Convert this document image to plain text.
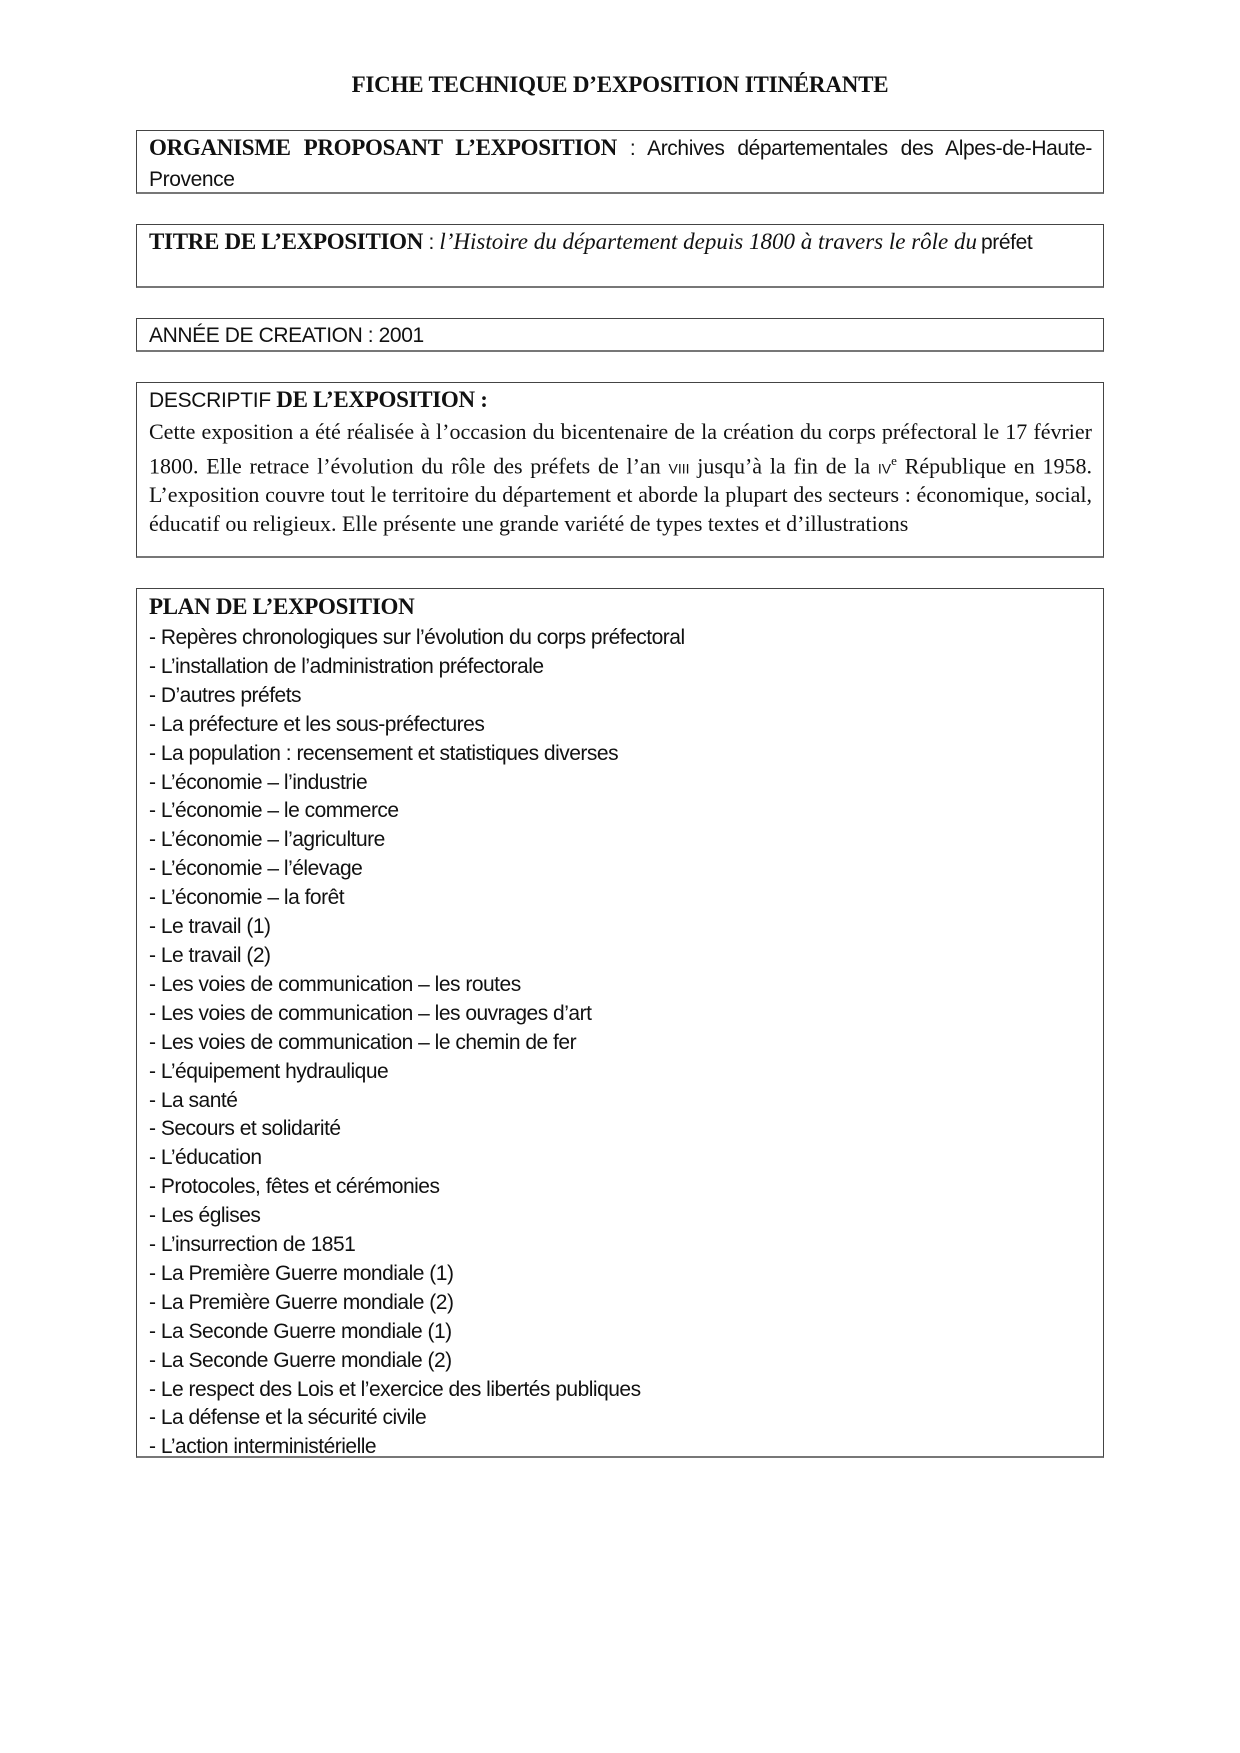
FICHE TECHNIQUE D’EXPOSITION ITINÉRANTE
ORGANISME PROPOSANT L’EXPOSITION : Archives départementales des Alpes-de-Haute-Provence
TITRE DE L’EXPOSITION : l’Histoire du département depuis 1800 à travers le rôle du préfet
ANNÉE DE CREATION : 2001
DESCRIPTIF DE L’EXPOSITION :
Cette exposition a été réalisée à l’occasion du bicentenaire de la création du corps préfectoral le 17 février 1800. Elle retrace l’évolution du rôle des préfets de l’an viii jusqu’à la fin de la $iv^e$ République en 1958. L’exposition couvre tout le territoire du département et aborde la plupart des secteurs : économique, social, éducatif ou religieux. Elle présente une grande variété de types textes et d’illustrations
PLAN DE L’EXPOSITION
- Repères chronologiques sur l’évolution du corps préfectoral
- L’installation de l’administration préfectorale
- D’autres préfets
- La préfecture et les sous-préfectures
- La population : recensement et statistiques diverses
- L’économie – l’industrie
- L’économie – le commerce
- L’économie – l’agriculture
- L’économie – l’élevage
- L’économie – la forêt
- Le travail (1)
- Le travail (2)
- Les voies de communication – les routes
- Les voies de communication – les ouvrages d’art
- Les voies de communication – le chemin de fer
- L’équipement hydraulique
- La santé
- Secours et solidarité
- L’éducation
- Protocoles, fêtes et cérémonies
- Les églises
- L’insurrection de 1851
- La Première Guerre mondiale (1)
- La Première Guerre mondiale (2)
- La Seconde Guerre mondiale (1)
- La Seconde Guerre mondiale (2)
- Le respect des Lois et l’exercice des libertés publiques
- La défense et la sécurité civile
- L’action interministérielle
